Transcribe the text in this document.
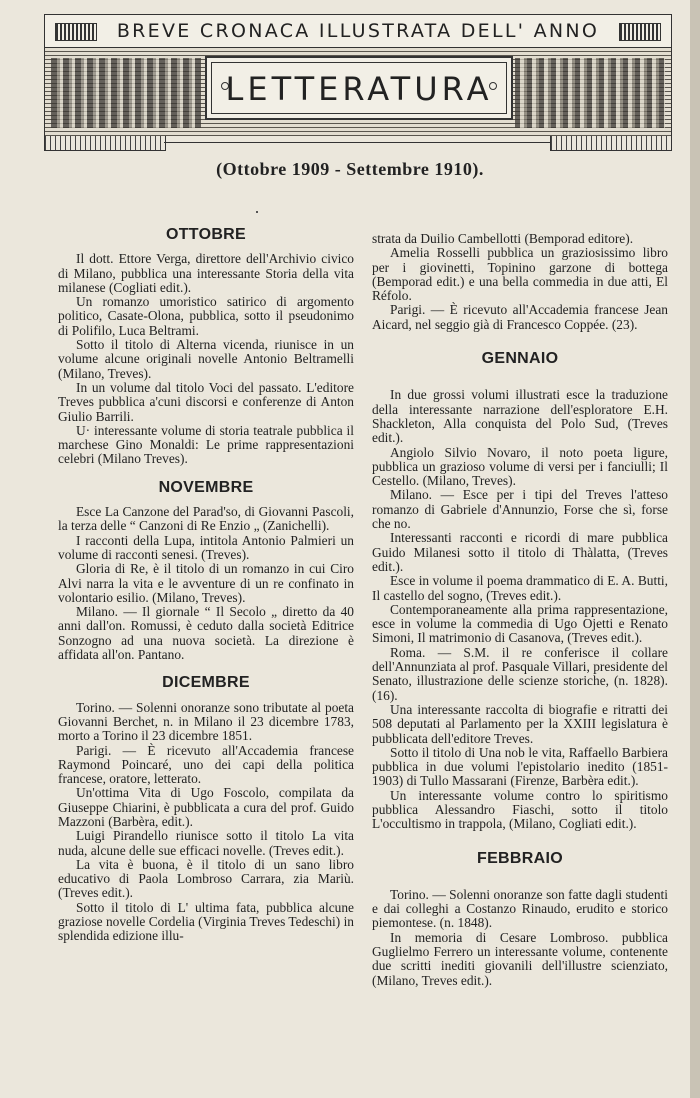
BREVE CRONACA ILLUSTRATA DELL' ANNO
LETTERATURA
(Ottobre 1909 - Settembre 1910).
OTTOBRE

Il dott. Ettore Verga, direttore dell'Archivio civico di Milano, pubblica una interessante Storia della vita milanese (Cogliati edit.).

Un romanzo umoristico satirico di argomento politico, Casate-Olona, pubblica, sotto il pseudonimo di Polifilo, Luca Beltrami.

Sotto il titolo di Alterna vicenda, riunisce in un volume alcune originali novelle Antonio Beltramelli (Milano, Treves).

In un volume dal titolo Voci del passato. L'editore Treves pubblica a'cuni discorsi e conferenze di Anton Giulio Barrili.

U· interessante volume di storia teatrale pubblica il marchese Gino Monaldi: Le prime rappresentazioni celebri (Milano Treves).

NOVEMBRE

Esce La Canzone del Parad'so, di Giovanni Pascoli, la terza delle “ Canzoni di Re Enzio „ (Zanichelli).

I racconti della Lupa, intitola Antonio Palmieri un volume di racconti senesi. (Treves).

Gloria di Re, è il titolo di un romanzo in cui Ciro Alvi narra la vita e le avventure di un re confinato in volontario esilio. (Milano, Treves).

Milano. — Il giornale “ Il Secolo „ diretto da 40 anni dall'on. Romussi, è ceduto dalla società Editrice Sonzogno ad una nuova società. La direzione è affidata all'on. Pantano.

DICEMBRE

Torino. — Solenni onoranze sono tributate al poeta Giovanni Berchet, n. in Milano il 23 dicembre 1783, morto a Torino il 23 dicembre 1851.

Parigi. — È ricevuto all'Accademia francese Raymond Poincaré, uno dei capi della politica francese, oratore, letterato.

Un'ottima Vita di Ugo Foscolo, compilata da Giuseppe Chiarini, è pubblicata a cura del prof. Guido Mazzoni (Barbèra, edit.).

Luigi Pirandello riunisce sotto il titolo La vita nuda, alcune delle sue efficaci novelle. (Treves edit.).

La vita è buona, è il titolo di un sano libro educativo di Paola Lombroso Carrara, zia Mariù. (Treves edit.).

Sotto il titolo di L' ultima fata, pubblica alcune graziose novelle Cordelia (Virginia Treves Tedeschi) in splendida edizione illu-

strata da Duilio Cambellotti (Bemporad editore).

Amelia Rosselli pubblica un graziosissimo libro per i giovinetti, Topinino garzone di bottega (Bemporad edit.) e una bella commedia in due atti, El Réfolo.

Parigi. — È ricevuto all'Accademia francese Jean Aicard, nel seggio già di Francesco Coppée. (23).

GENNAIO

In due grossi volumi illustrati esce la traduzione della interessante narrazione dell'esploratore E.H. Shackleton, Alla conquista del Polo Sud, (Treves edit.).

Angiolo Silvio Novaro, il noto poeta ligure, pubblica un grazioso volume di versi per i fanciulli; Il Cestello. (Milano, Treves).

Milano. — Esce per i tipi del Treves l'atteso romanzo di Gabriele d'Annunzio, Forse che sì, forse che no.

Interessanti racconti e ricordi di mare pubblica Guido Milanesi sotto il titolo di Thàlatta, (Treves edit.).

Esce in volume il poema drammatico di E. A. Butti, Il castello del sogno, (Treves edit.).

Contemporaneamente alla prima rappresentazione, esce in volume la commedia di Ugo Ojetti e Renato Simoni, Il matrimonio di Casanova, (Treves edit.).

Roma. — S.M. il re conferisce il collare dell'Annunziata al prof. Pasquale Villari, presidente del Senato, illustrazione delle scienze storiche, (n. 1828). (16).

Una interessante raccolta di biografie e ritratti dei 508 deputati al Parlamento per la XXIII legislatura è pubblicata dell'editore Treves.

Sotto il titolo di Una nob le vita, Raffaello Barbiera pubblica in due volumi l'epistolario inedito (1851-1903) di Tullo Massarani (Firenze, Barbèra edit.).

Un interessante volume contro lo spiritismo pubblica Alessandro Fiaschi, sotto il titolo L'occultismo in trappola, (Milano, Cogliati edit.).

FEBBRAIO

Torino. — Solenni onoranze son fatte dagli studenti e dai colleghi a Costanzo Rinaudo, erudito e storico piemontese. (n. 1848).

In memoria di Cesare Lombroso. pubblica Guglielmo Ferrero un interessante volume, contenente due scritti inediti giovanili dell'illustre scienziato, (Milano, Treves edit.).
